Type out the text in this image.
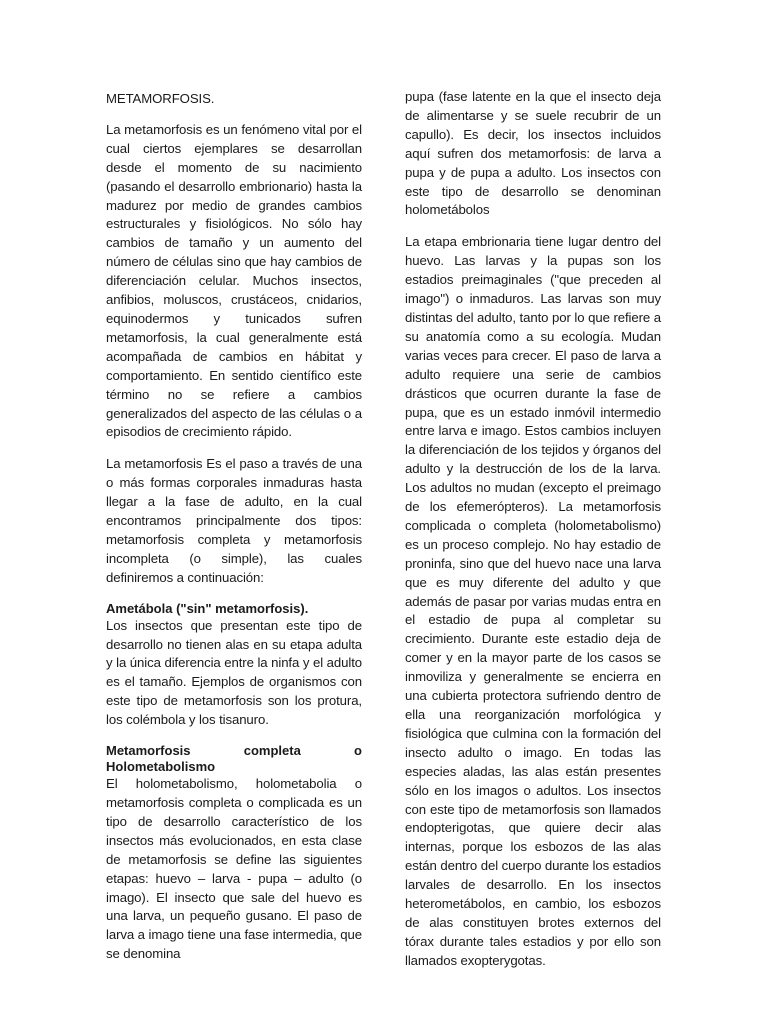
METAMORFOSIS.

La metamorfosis es un fenómeno vital por el cual ciertos ejemplares se desarrollan desde el momento de su nacimiento (pasando el desarrollo embrionario) hasta la madurez por medio de grandes cambios estructurales y fisiológicos. No sólo hay cambios de tamaño y un aumento del número de células sino que hay cambios de diferenciación celular. Muchos insectos, anfibios, moluscos, crustáceos, cnidarios, equinodermos y tunicados sufren metamorfosis, la cual generalmente está acompañada de cambios en hábitat y comportamiento. En sentido científico este término no se refiere a cambios generalizados del aspecto de las células o a episodios de crecimiento rápido.

La metamorfosis Es el paso a través de una o más formas corporales inmaduras hasta llegar a la fase de adulto, en la cual encontramos principalmente dos tipos: metamorfosis completa y metamorfosis incompleta (o simple), las cuales definiremos a continuación:

Ametábola ("sin" metamorfosis).

Los insectos que presentan este tipo de desarrollo no tienen alas en su etapa adulta y la única diferencia entre la ninfa y el adulto es el tamaño. Ejemplos de organismos con este tipo de metamorfosis son los protura, los colémbola y los tisanuro.

Metamorfosis completa o
Holometabolismo

El holometabolismo, holometabolia o metamorfosis completa o complicada es un tipo de desarrollo característico de los insectos más evolucionados, en esta clase de metamorfosis se define las siguientes etapas: huevo – larva - pupa – adulto (o imago). El insecto que sale del huevo es una larva, un pequeño gusano. El paso de larva a imago tiene una fase intermedia, que se denomina

pupa (fase latente en la que el insecto deja de alimentarse y se suele recubrir de un capullo). Es decir, los insectos incluidos aquí sufren dos metamorfosis: de larva a pupa y de pupa a adulto. Los insectos con este tipo de desarrollo se denominan holometábolos

La etapa embrionaria tiene lugar dentro del huevo. Las larvas y la pupas son los estadios preimaginales ("que preceden al imago") o inmaduros. Las larvas son muy distintas del adulto, tanto por lo que refiere a su anatomía como a su ecología. Mudan varias veces para crecer. El paso de larva a adulto requiere una serie de cambios drásticos que ocurren durante la fase de pupa, que es un estado inmóvil intermedio entre larva e imago. Estos cambios incluyen la diferenciación de los tejidos y órganos del adulto y la destrucción de los de la larva. Los adultos no mudan (excepto el preimago de los efemerópteros). La metamorfosis complicada o completa (holometabolismo) es un proceso complejo. No hay estadio de proninfa, sino que del huevo nace una larva que es muy diferente del adulto y que además de pasar por varias mudas entra en el estadio de pupa al completar su crecimiento. Durante este estadio deja de comer y en la mayor parte de los casos se inmoviliza y generalmente se encierra en una cubierta protectora sufriendo dentro de ella una reorganización morfológica y fisiológica que culmina con la formación del insecto adulto o imago. En todas las especies aladas, las alas están presentes sólo en los imagos o adultos. Los insectos con este tipo de metamorfosis son llamados endopterigotas, que quiere decir alas internas, porque los esbozos de las alas están dentro del cuerpo durante los estadios larvales de desarrollo. En los insectos heterometábolos, en cambio, los esbozos de alas constituyen brotes externos del tórax durante tales estadios y por ello son llamados exopterygotas.
